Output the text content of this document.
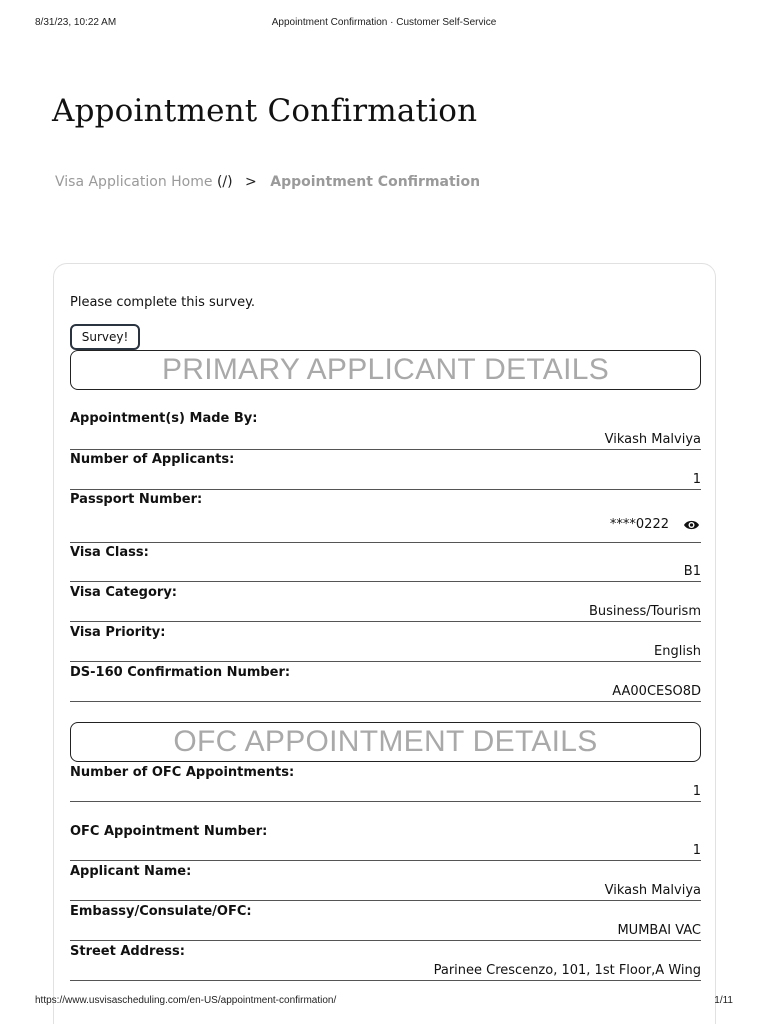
8/31/23, 10:22 AM	Appointment Confirmation · Customer Self-Service
Appointment Confirmation
Visa Application Home (/) > Appointment Confirmation
Please complete this survey.
Survey!
PRIMARY APPLICANT DETAILS
Appointment(s) Made By:
Vikash Malviya
Number of Applicants:
1
Passport Number:
****0222
Visa Class:
B1
Visa Category:
Business/Tourism
Visa Priority:
English
DS-160 Confirmation Number:
AA00CESO8D
OFC APPOINTMENT DETAILS
Number of OFC Appointments:
1
OFC Appointment Number:
1
Applicant Name:
Vikash Malviya
Embassy/Consulate/OFC:
MUMBAI VAC
Street Address:
Parinee Crescenzo, 101, 1st Floor,A Wing
https://www.usvisascheduling.com/en-US/appointment-confirmation/	1/11
